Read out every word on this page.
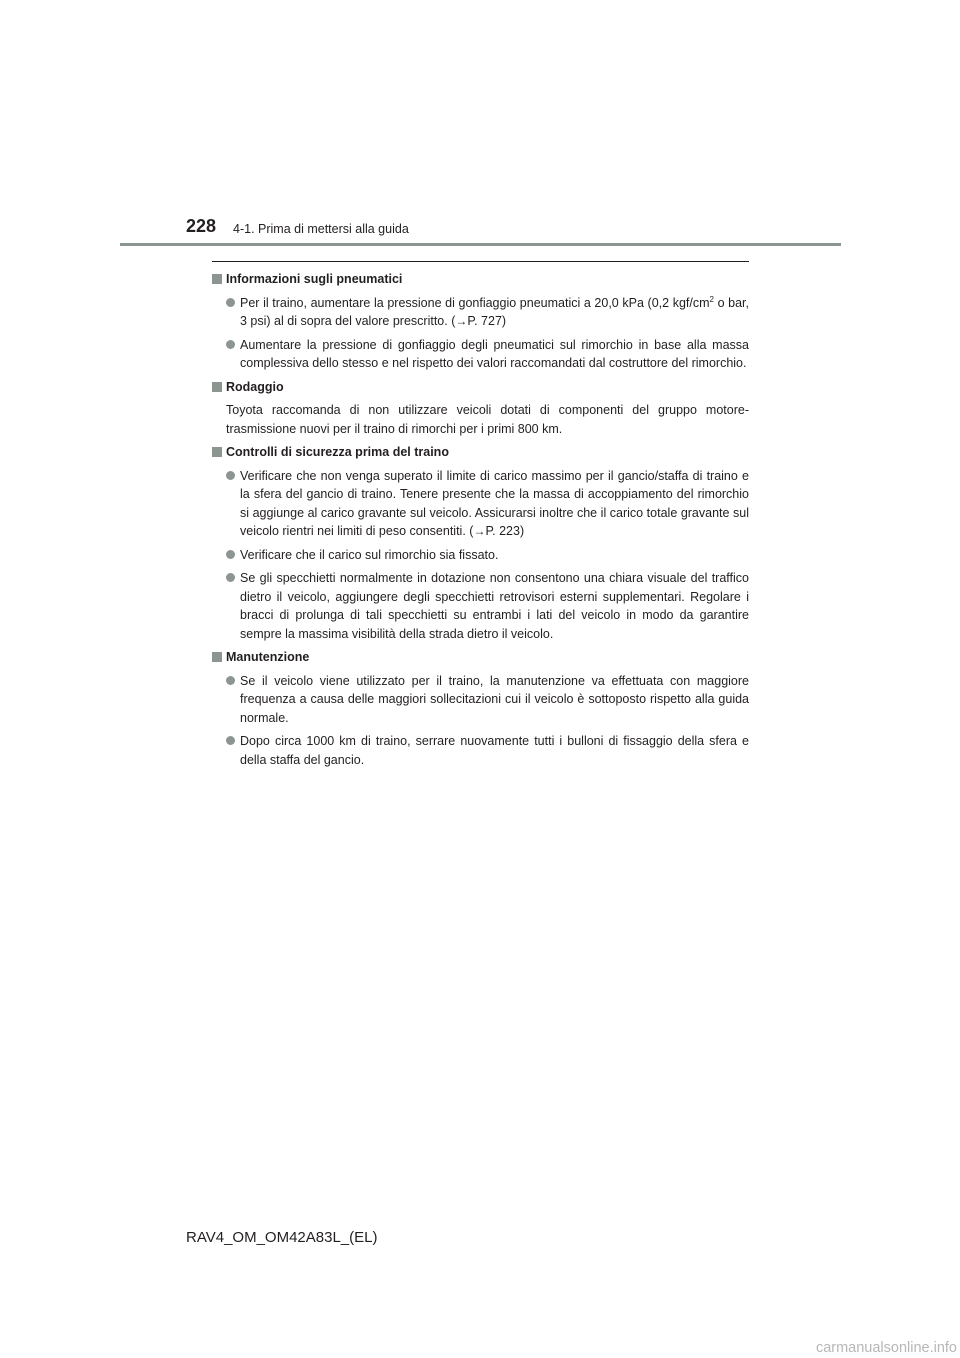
228 4-1. Prima di mettersi alla guida
Informazioni sugli pneumatici
Per il traino, aumentare la pressione di gonfiaggio pneumatici a 20,0 kPa (0,2 kgf/$cm^2$ o bar, 3 psi) al di sopra del valore prescritto. (→P. 727)
Aumentare la pressione di gonfiaggio degli pneumatici sul rimorchio in base alla massa complessiva dello stesso e nel rispetto dei valori raccomandati dal costruttore del rimorchio.
Rodaggio
Toyota raccomanda di non utilizzare veicoli dotati di componenti del gruppo motore-trasmissione nuovi per il traino di rimorchi per i primi 800 km.
Controlli di sicurezza prima del traino
Verificare che non venga superato il limite di carico massimo per il gancio/staffa di traino e la sfera del gancio di traino. Tenere presente che la massa di accoppiamento del rimorchio si aggiunge al carico gravante sul veicolo. Assicurarsi inoltre che il carico totale gravante sul veicolo rientri nei limiti di peso consentiti. (→P. 223)
Verificare che il carico sul rimorchio sia fissato.
Se gli specchietti normalmente in dotazione non consentono una chiara visuale del traffico dietro il veicolo, aggiungere degli specchietti retrovisori esterni supplementari. Regolare i bracci di prolunga di tali specchietti su entrambi i lati del veicolo in modo da garantire sempre la massima visibilità della strada dietro il veicolo.
Manutenzione
Se il veicolo viene utilizzato per il traino, la manutenzione va effettuata con maggiore frequenza a causa delle maggiori sollecitazioni cui il veicolo è sottoposto rispetto alla guida normale.
Dopo circa 1000 km di traino, serrare nuovamente tutti i bulloni di fissaggio della sfera e della staffa del gancio.
RAV4_OM_OM42A83L_(EL)
carmanualsonline.info
